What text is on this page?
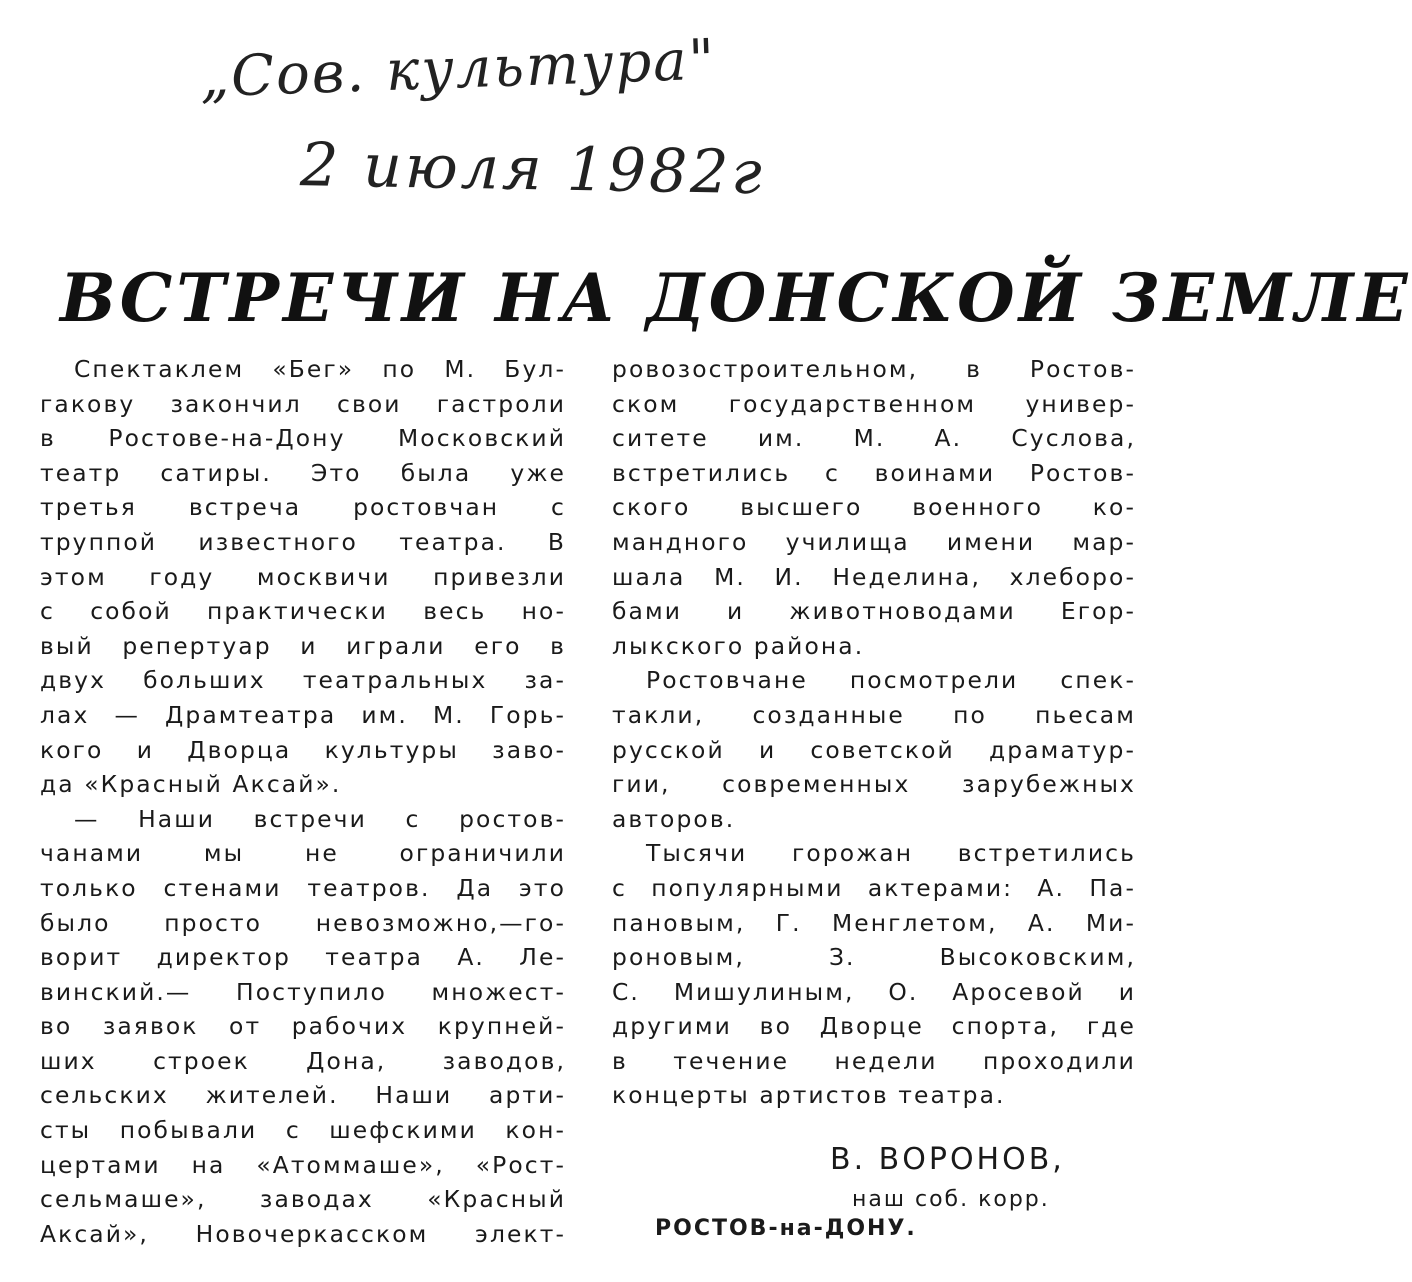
„Сов. культура"
2 июля 1982г
ВСТРЕЧИ НА ДОНСКОЙ ЗЕМЛЕ
Спектаклем «Бег» по М. Бул-
гакову закончил свои гастроли
в Ростове-на-Дону Московский
театр сатиры. Это была уже
третья встреча ростовчан с
труппой известного театра. В
этом году москвичи привезли
с собой практически весь но-
вый репертуар и играли его в
двух больших театральных за-
лах — Драмтеатра им. М. Горь-
кого и Дворца культуры заво-
да «Красный Аксай».
— Наши встречи с ростов-
чанами мы не ограничили
только стенами театров. Да это
было просто невозможно,—го-
ворит директор театра А. Ле-
винский.— Поступило множест-
во заявок от рабочих крупней-
ших строек Дона, заводов,
сельских жителей. Наши арти-
сты побывали с шефскими кон-
цертами на «Атоммаше», «Рост-
сельмаше», заводах «Красный
Аксай», Новочеркасском элект-
ровозостроительном, в Ростов-
ском государственном универ-
ситете им. М. А. Суслова,
встретились с воинами Ростов-
ского высшего военного ко-
мандного училища имени мар-
шала М. И. Неделина, хлеборо-
бами и животноводами Егор-
лыкского района.
Ростовчане посмотрели спек-
такли, созданные по пьесам
русской и советской драматур-
гии, современных зарубежных
авторов.
Тысячи горожан встретились
с популярными актерами: А. Па-
пановым, Г. Менглетом, А. Ми-
роновым, З. Высоковским,
С. Мишулиным, О. Аросевой и
другими во Дворце спорта, где
в течение недели проходили
концерты артистов театра.
В. ВОРОНОВ,
наш соб. корр.
РОСТОВ-на-ДОНУ.
